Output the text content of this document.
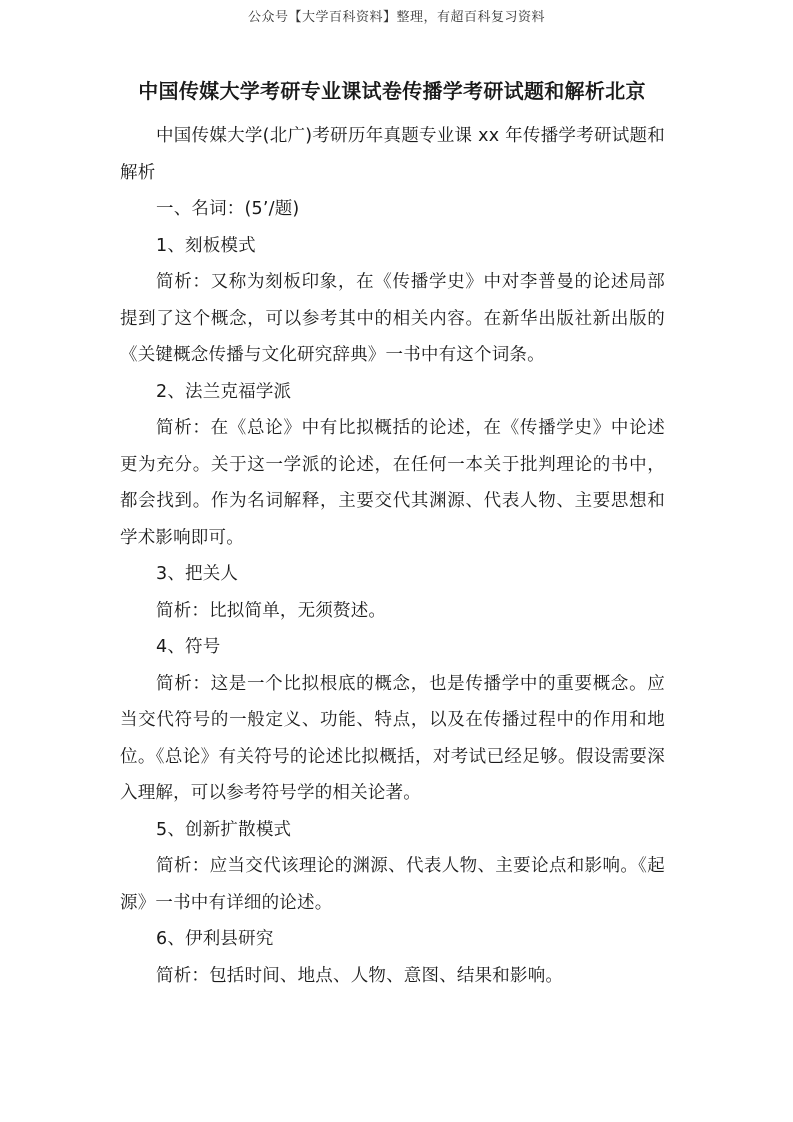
公众号【大学百科资料】整理，有超百科复习资料
中国传媒大学考研专业课试卷传播学考研试题和解析北京

中国传媒大学(北广)考研历年真题专业课 xx 年传播学考研试题和解析

一、名词：(5’/题)

1、刻板模式

简析：又称为刻板印象，在《传播学史》中对李普曼的论述局部提到了这个概念，可以参考其中的相关内容。在新华出版社新出版的《关键概念传播与文化研究辞典》一书中有这个词条。

2、法兰克福学派

简析：在《总论》中有比拟概括的论述，在《传播学史》中论述更为充分。关于这一学派的论述，在任何一本关于批判理论的书中，都会找到。作为名词解释，主要交代其渊源、代表人物、主要思想和学术影响即可。

3、把关人

简析：比拟简单，无须赘述。

4、符号

简析：这是一个比拟根底的概念，也是传播学中的重要概念。应当交代符号的一般定义、功能、特点，以及在传播过程中的作用和地位。《总论》有关符号的论述比拟概括，对考试已经足够。假设需要深入理解，可以参考符号学的相关论著。

5、创新扩散模式

简析：应当交代该理论的渊源、代表人物、主要论点和影响。《起源》一书中有详细的论述。

6、伊利县研究

简析：包括时间、地点、人物、意图、结果和影响。
